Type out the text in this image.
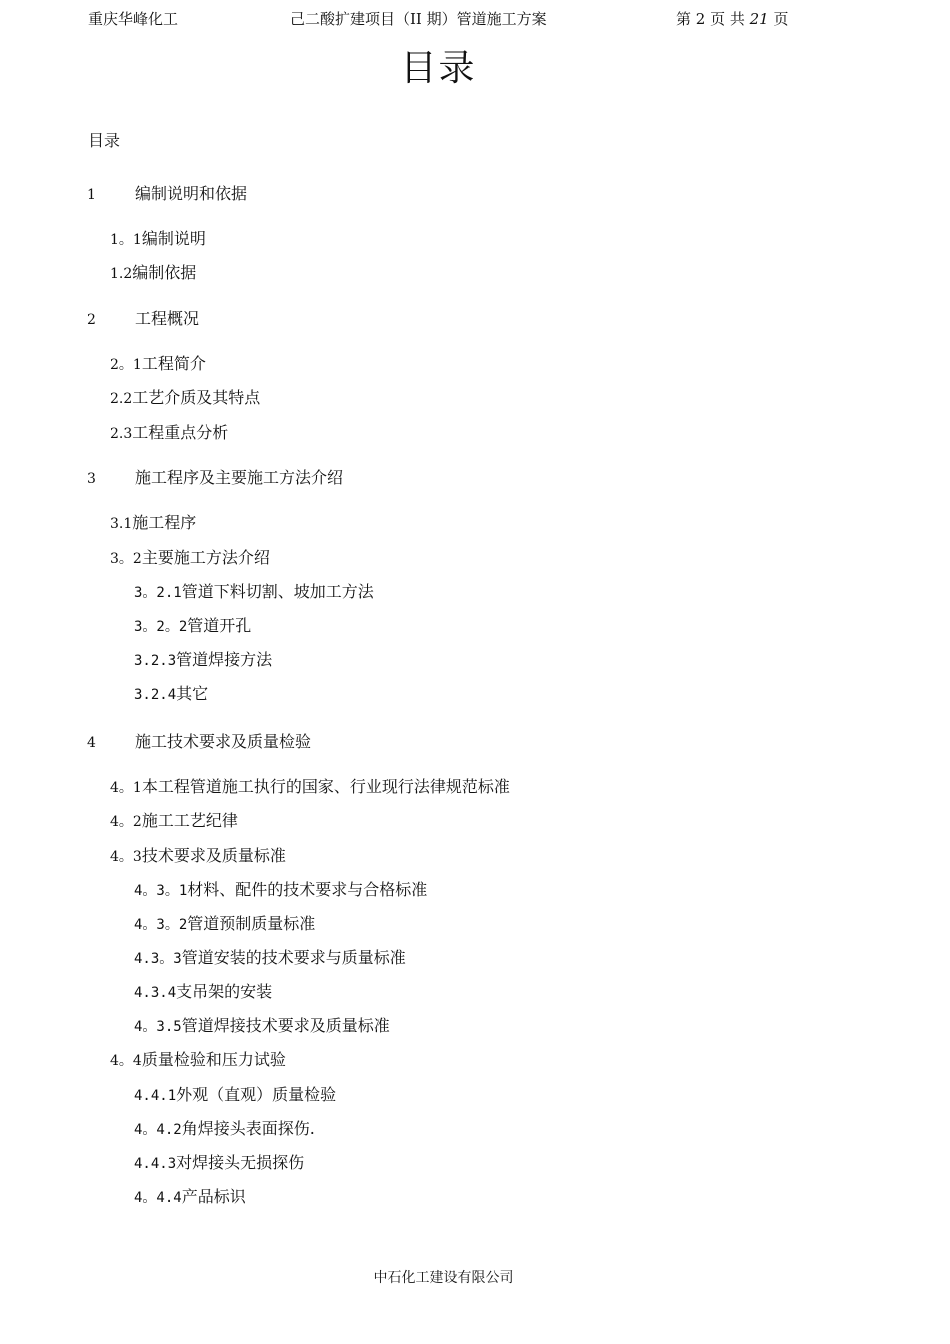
重庆华峰化工	己二酸扩建项目（II 期）管道施工方案	第 2 页 共 21 页
目录
目录
1 编制说明和依据
1。1编制说明
1.2编制依据
2 工程概况
2。1工程简介
2.2工艺介质及其特点
2.3工程重点分析
3 施工程序及主要施工方法介绍
3.1施工程序
3。2主要施工方法介绍
3。2.1管道下料切割、坡加工方法
3。2。2管道开孔
3.2.3管道焊接方法
3.2.4其它
4 施工技术要求及质量检验
4。1本工程管道施工执行的国家、行业现行法律规范标准
4。2施工工艺纪律
4。3技术要求及质量标准
4。3。1材料、配件的技术要求与合格标准
4。3。2管道预制质量标准
4.3。3管道安装的技术要求与质量标准
4.3.4支吊架的安装
4。3.5管道焊接技术要求及质量标准
4。4质量检验和压力试验
4.4.1外观（直观）质量检验
4。4.2角焊接头表面探伤.
4.4.3对焊接头无损探伤
4。4.4产品标识
中石化工建设有限公司
